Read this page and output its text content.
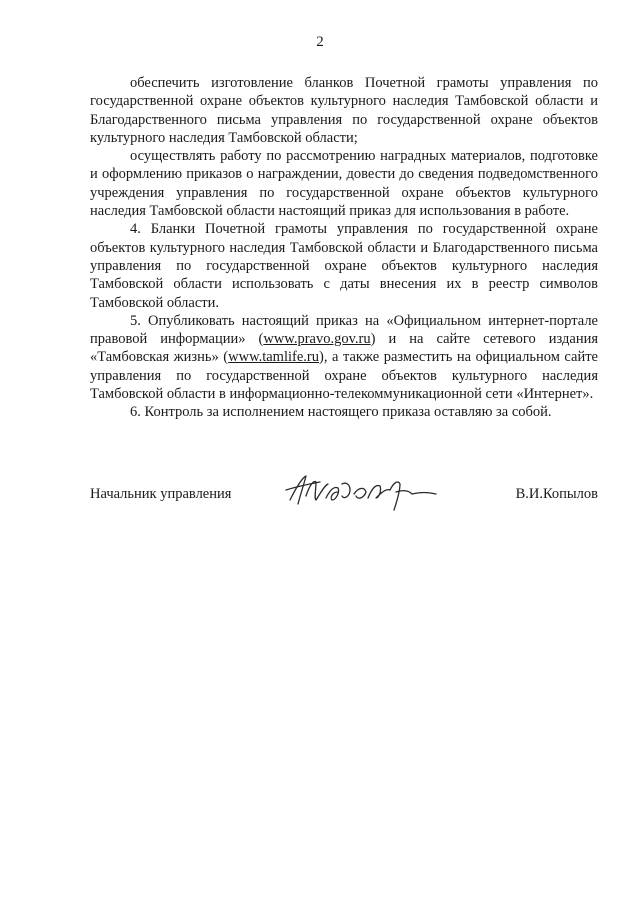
2

обеспечить изготовление бланков Почетной грамоты управления по государственной охране объектов культурного наследия Тамбовской области и Благодарственного письма управления по государственной охране объектов культурного наследия Тамбовской области;

осуществлять работу по рассмотрению наградных материалов, подготовке и оформлению приказов о награждении, довести до сведения подведомственного учреждения управления по государственной охране объектов культурного наследия Тамбовской области настоящий приказ для использования в работе.

4. Бланки Почетной грамоты управления по государственной охране объектов культурного наследия Тамбовской области и Благодарственного письма управления по государственной охране объектов культурного наследия Тамбовской области использовать с даты внесения их в реестр символов Тамбовской области.

5. Опубликовать настоящий приказ на «Официальном интернет-портале правовой информации» (www.pravo.gov.ru) и на сайте сетевого издания «Тамбовская жизнь» (www.tamlife.ru), а также разместить на официальном сайте управления по государственной охране объектов культурного наследия Тамбовской области в информационно-телекоммуникационной сети «Интернет».

6. Контроль за исполнением настоящего приказа оставляю за собой.

Начальник управления	В.И.Копылов
